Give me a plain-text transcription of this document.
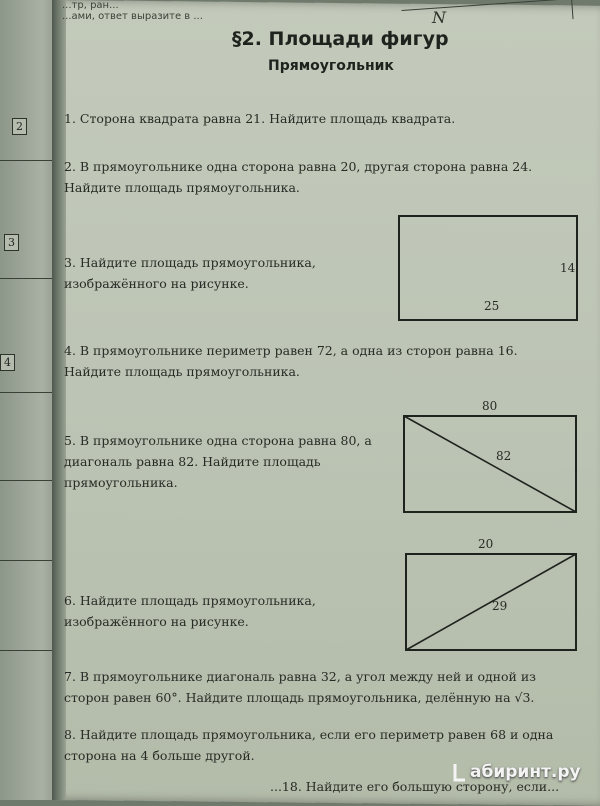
2
3
4
...тр, ран...
...ами, ответ выразите в ...	N
§2. Площади фигур
Прямоугольник
1. Сторона квадрата равна 21. Найдите площадь квадрата.
2. В прямоугольнике одна сторона равна 20, другая сторона равна 24. Найдите площадь прямоугольника.
3. Найдите площадь прямоугольника, изображённого на рисунке.
4. В прямоугольнике периметр равен 72, а одна из сторон равна 16. Найдите площадь прямоугольника.
5. В прямоугольнике одна сторона равна 80, а диагональ равна 82. Найдите площадь прямоугольника.
6. Найдите площадь прямоугольника, изображённого на рисунке.
7. В прямоугольнике диагональ равна 32, а угол между ней и одной из сторон равен 60°. Найдите площадь прямоугольника, делённую на √3.
8. Найдите площадь прямоугольника, если его периметр равен 68 и одна сторона на 4 больше другой.
...18. Найдите его большую сторону, если...
14
25
80
82
20
29
абиринт.ру
